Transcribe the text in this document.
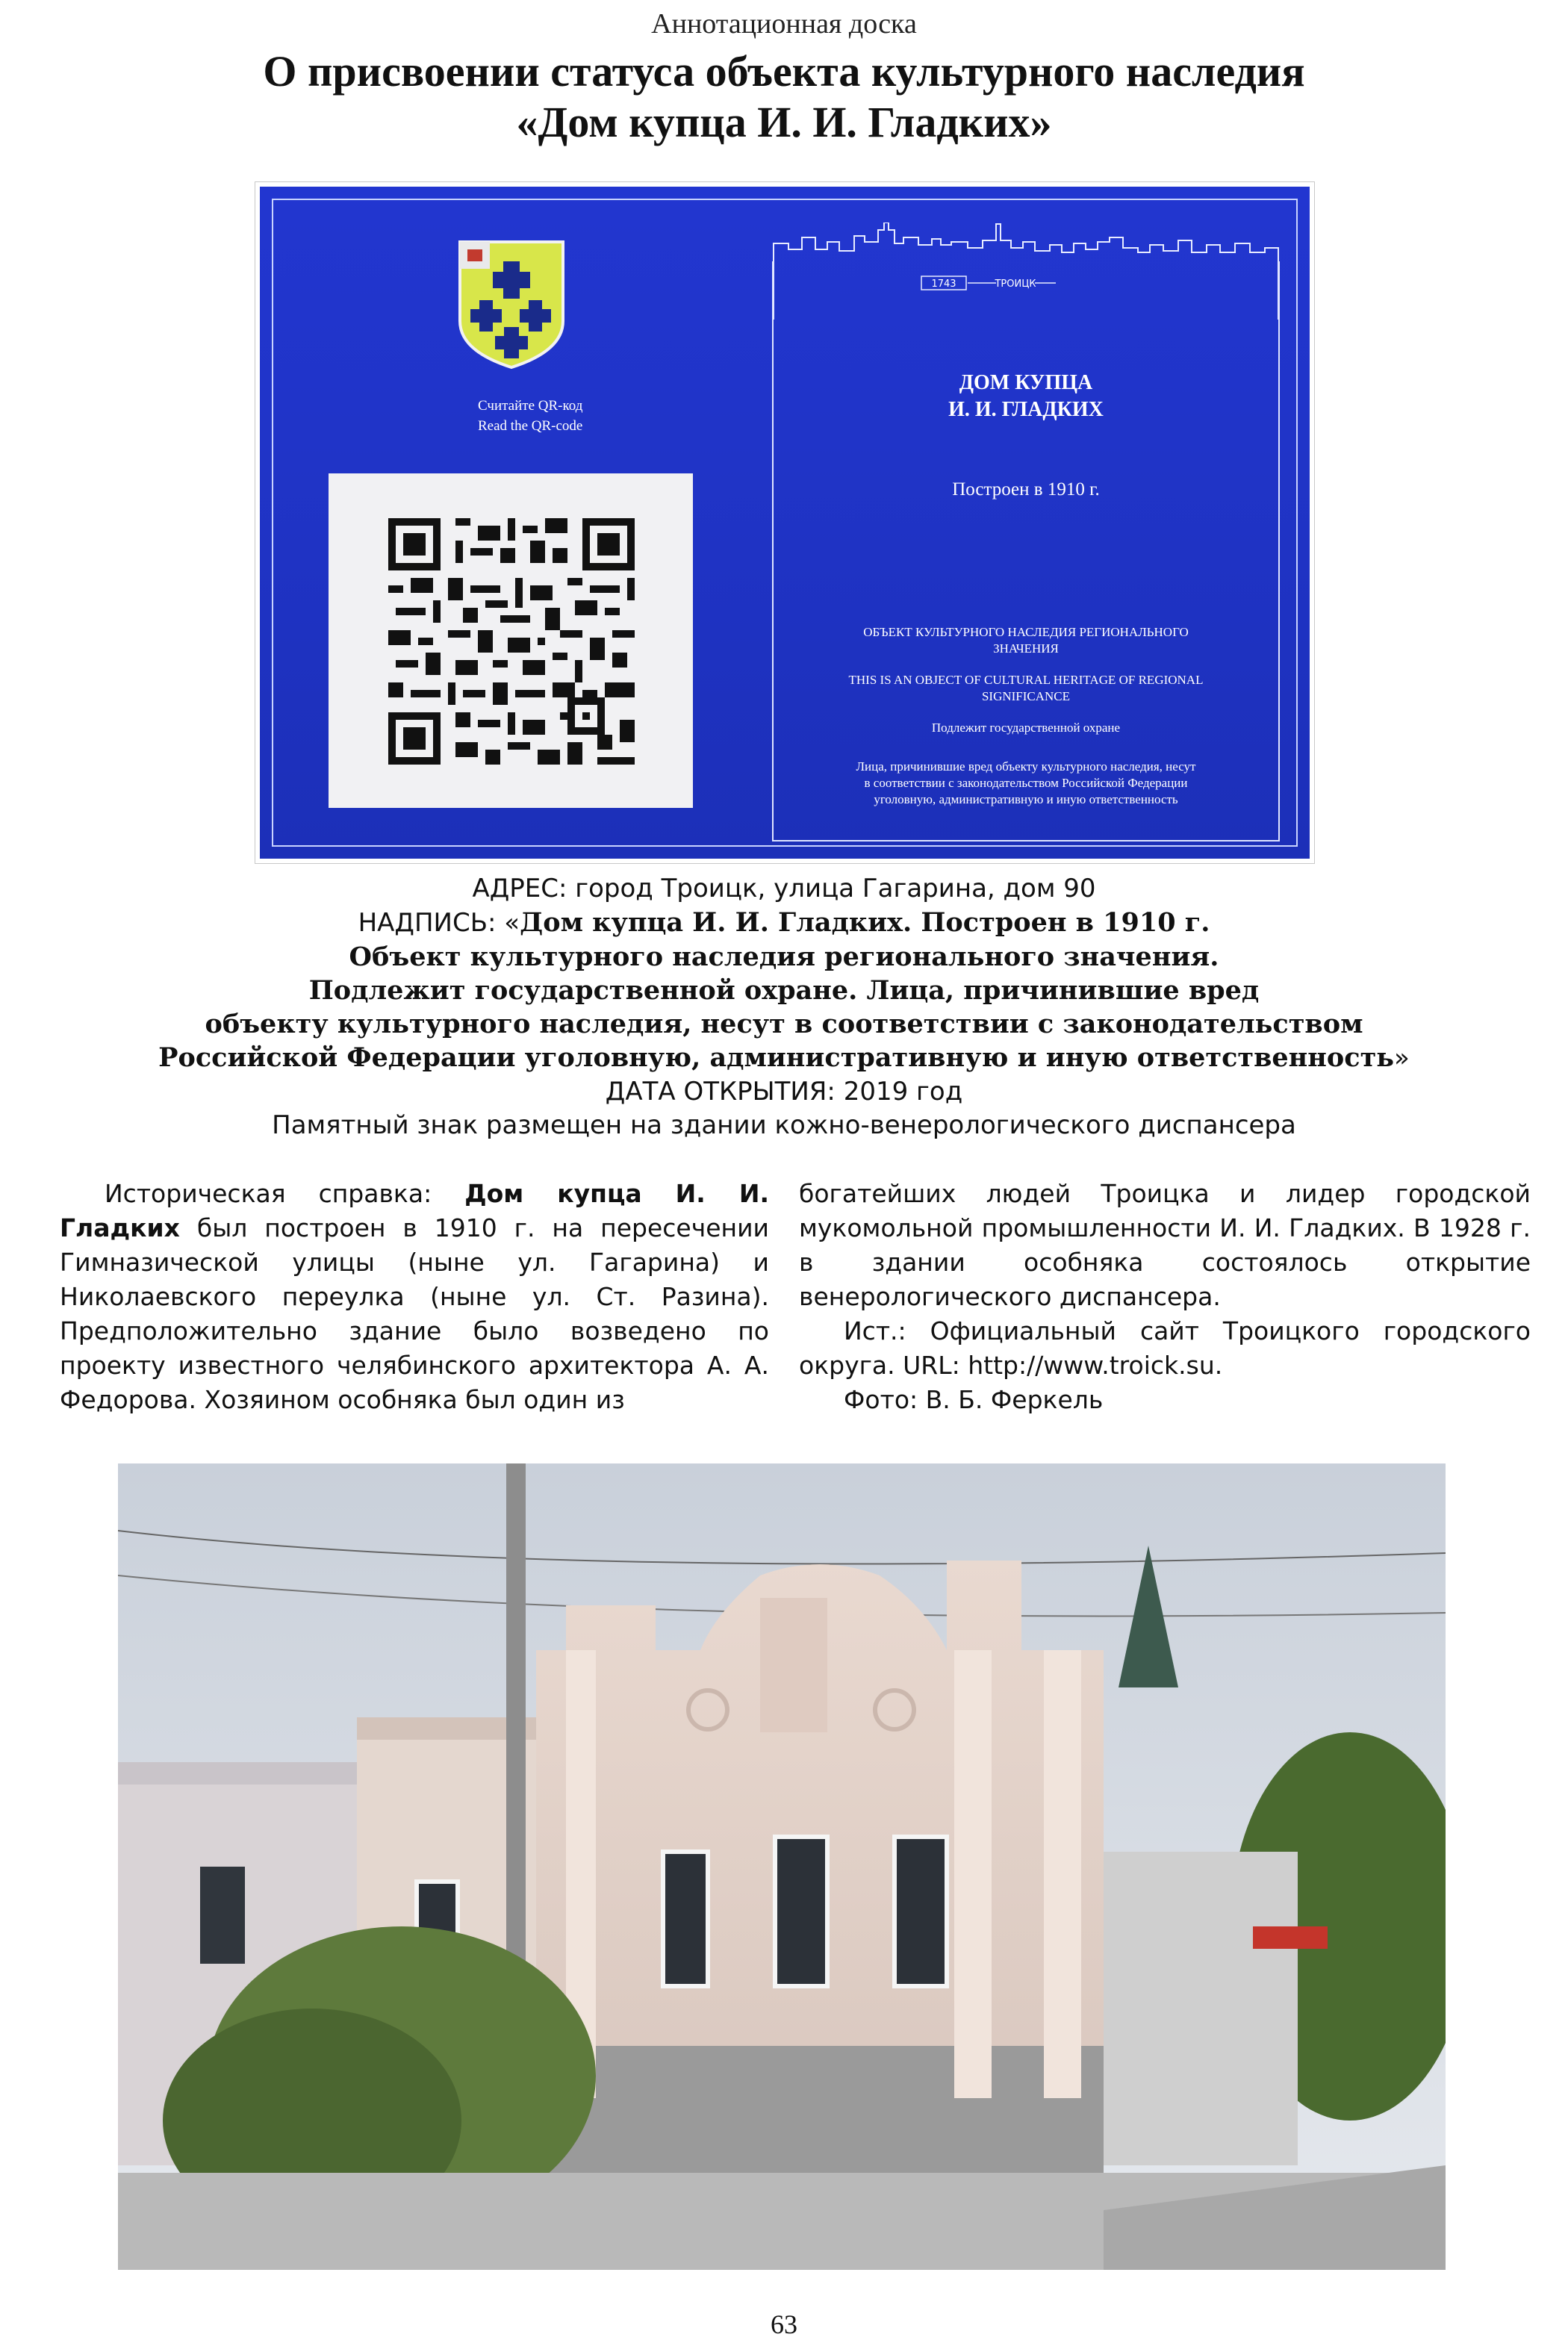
Аннотационная доска
О присвоении статуса объекта культурного наследия
«Дом купца И. И. Гладких»
Считайте QR-код
Read the QR-code
1743	ТРОИЦК
ДОМ КУПЦА
И. И. ГЛАДКИХ
Построен в 1910 г.
ОБЪЕКТ КУЛЬТУРНОГО НАСЛЕДИЯ РЕГИОНАЛЬНОГО
ЗНАЧЕНИЯ
THIS IS AN OBJECT OF CULTURAL HERITAGE OF REGIONAL
SIGNIFICANCE
Подлежит государственной охране
Лица, причинившие вред объекту культурного наследия, несут
в соответствии с законодательством Российской Федерации
уголовную, административную и иную ответственность
АДРЕС: город Троицк, улица Гагарина, дом 90
НАДПИСЬ: «Дом купца И. И. Гладких. Построен в 1910 г.
Объект культурного наследия регионального значения.
Подлежит государственной охране. Лица, причинившие вред
объекту культурного наследия, несут в соответствии с законодательством
Российской Федерации уголовную, административную и иную ответственность»
ДАТА ОТКРЫТИЯ: 2019 год
Памятный знак размещен на здании кожно-венерологического диспансера

Историческая справка: Дом купца И. И. Гладких был построен в 1910 г. на пересечении Гимназической улицы (ныне ул. Гагарина) и Николаевского переулка (ныне ул. Ст. Разина). Предположительно здание было возведено по проекту известного челябинского архитектора А. А. Федорова. Хозяином особняка был один из

богатейших людей Троицка и лидер городской мукомольной промышленности И. И. Гладких. В 1928 г. в здании особняка состоялось открытие венерологического диспансера.

Ист.: Официальный сайт Троицкого городского округа. URL: http://www.troick.su.

Фото: В. Б. Феркель

63
